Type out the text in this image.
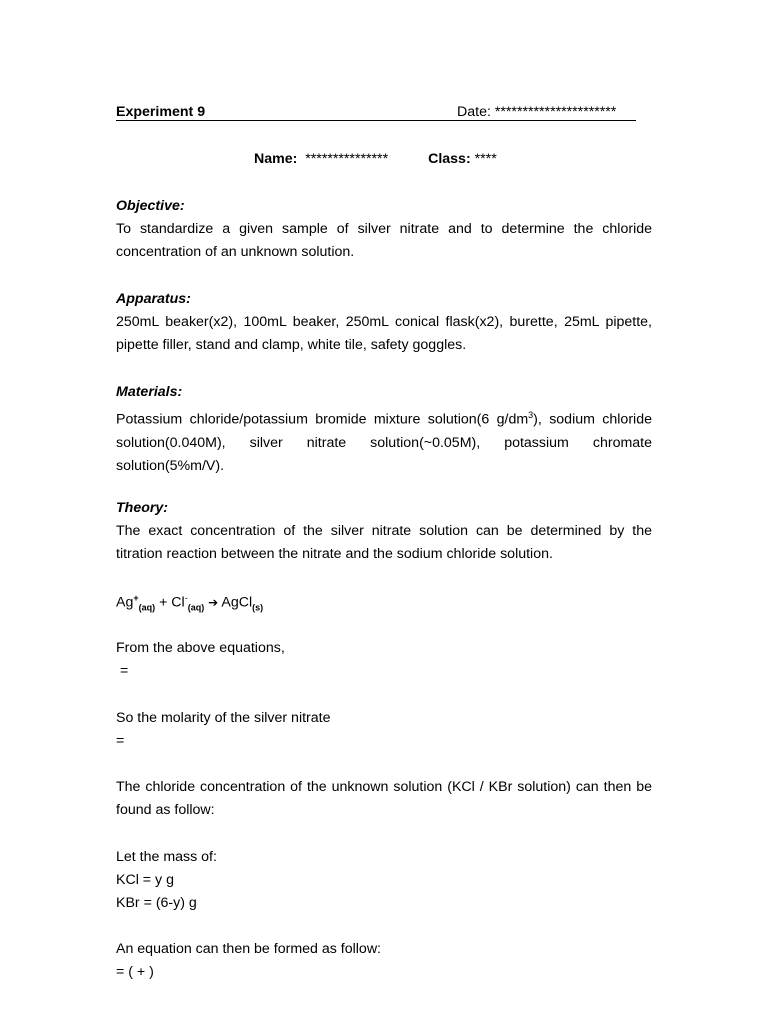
Experiment 9	Date: **********************
Name: ***************	Class: ****
Objective:
To standardize a given sample of silver nitrate and to determine the chloride concentration of an unknown solution.
Apparatus:
250mL beaker(x2), 100mL beaker, 250mL conical flask(x2), burette, 25mL pipette, pipette filler, stand and clamp, white tile, safety goggles.
Materials:
Potassium chloride/potassium bromide mixture solution(6 $g/dm^3$), sodium chloride solution(0.040M), silver nitrate solution(~0.05M), potassium chromate solution(5%m/V).
Theory:
The exact concentration of the silver nitrate solution can be determined by the titration reaction between the nitrate and the sodium chloride solution.
$Ag^+_{(aq)} + Cl^-_{(aq)}$ ➔ AgCl$_{(s)}$
From the above equations,
=
So the molarity of the silver nitrate
=
The chloride concentration of the unknown solution (KCl / KBr solution) can then be found as follow:
Let the mass of:
KCl = y g
KBr = (6-y) g
An equation can then be formed as follow:
= ( + )
